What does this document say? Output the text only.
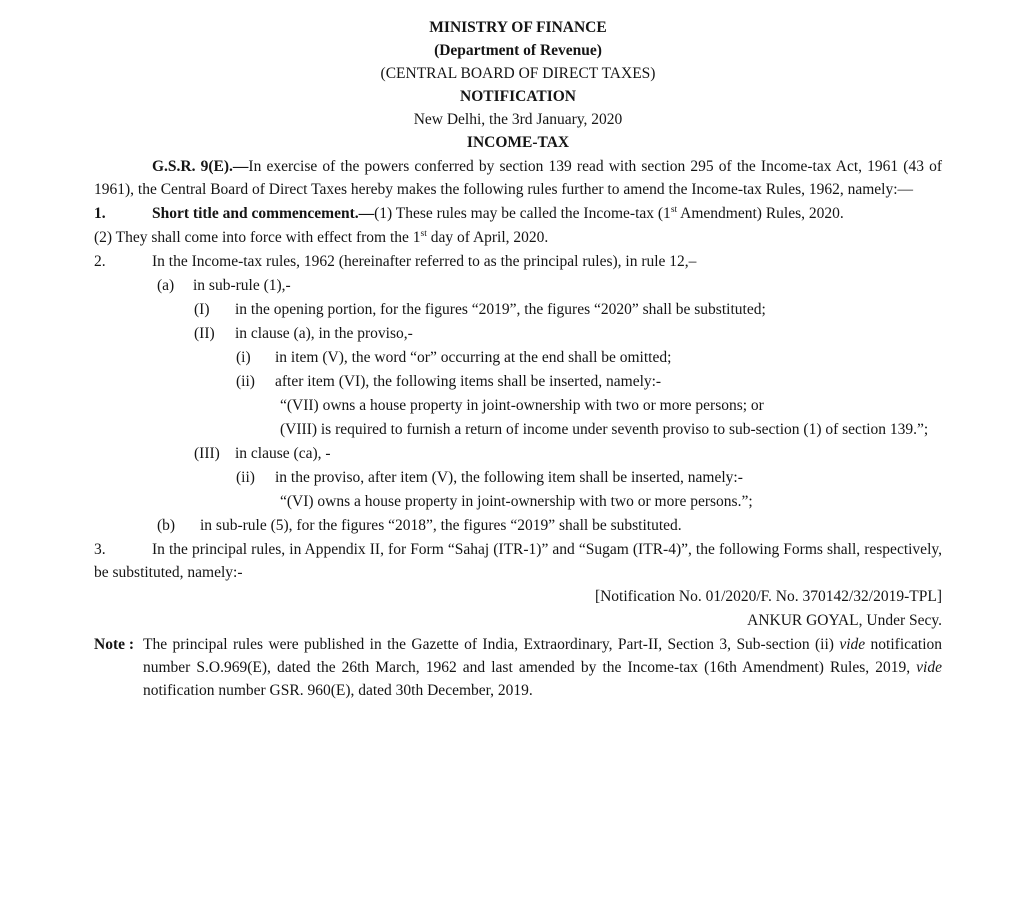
MINISTRY OF FINANCE
(Department of Revenue)
(CENTRAL BOARD OF DIRECT TAXES)
NOTIFICATION
New Delhi, the 3rd January, 2020
INCOME-TAX

G.S.R. 9(E).—In exercise of the powers conferred by section 139 read with section 295 of the Income-tax Act, 1961 (43 of 1961), the Central Board of Direct Taxes hereby makes the following rules further to amend the Income-tax Rules, 1962, namely:—

1.	Short title and commencement.—(1) These rules may be called the Income-tax (1st Amendment) Rules, 2020.

(2) They shall come into force with effect from the 1st day of April, 2020.

2.	In the Income-tax rules, 1962 (hereinafter referred to as the principal rules), in rule 12,–

(a)	in sub-rule (1),-
(I)	in the opening portion, for the figures “2019”, the figures “2020” shall be substituted;
(II)	in clause (a), in the proviso,-
(i)	in item (V), the word “or” occurring at the end shall be omitted;
(ii)	after item (VI), the following items shall be inserted, namely:-
“(VII) owns a house property in joint-ownership with two or more persons; or
(VIII) is required to furnish a return of income under seventh proviso to sub-section (1) of section 139.”;
(III) in clause (ca), -
(ii)	in the proviso, after item (V), the following item shall be inserted, namely:-
“(VI) owns a house property in joint-ownership with two or more persons.”;
(b)	in sub-rule (5), for the figures “2018”, the figures “2019” shall be substituted.

3.	In the principal rules, in Appendix II, for Form “Sahaj (ITR-1)” and “Sugam (ITR-4)”, the following Forms shall, respectively, be substituted, namely:-

[Notification No. 01/2020/F. No. 370142/32/2019-TPL]
ANKUR GOYAL, Under Secy.
Note : The principal rules were published in the Gazette of India, Extraordinary, Part-II, Section 3, Sub-section (ii) vide notification number S.O.969(E), dated the 26th March, 1962 and last amended by the Income-tax (16th Amendment) Rules, 2019, vide notification number GSR. 960(E), dated 30th December, 2019.
